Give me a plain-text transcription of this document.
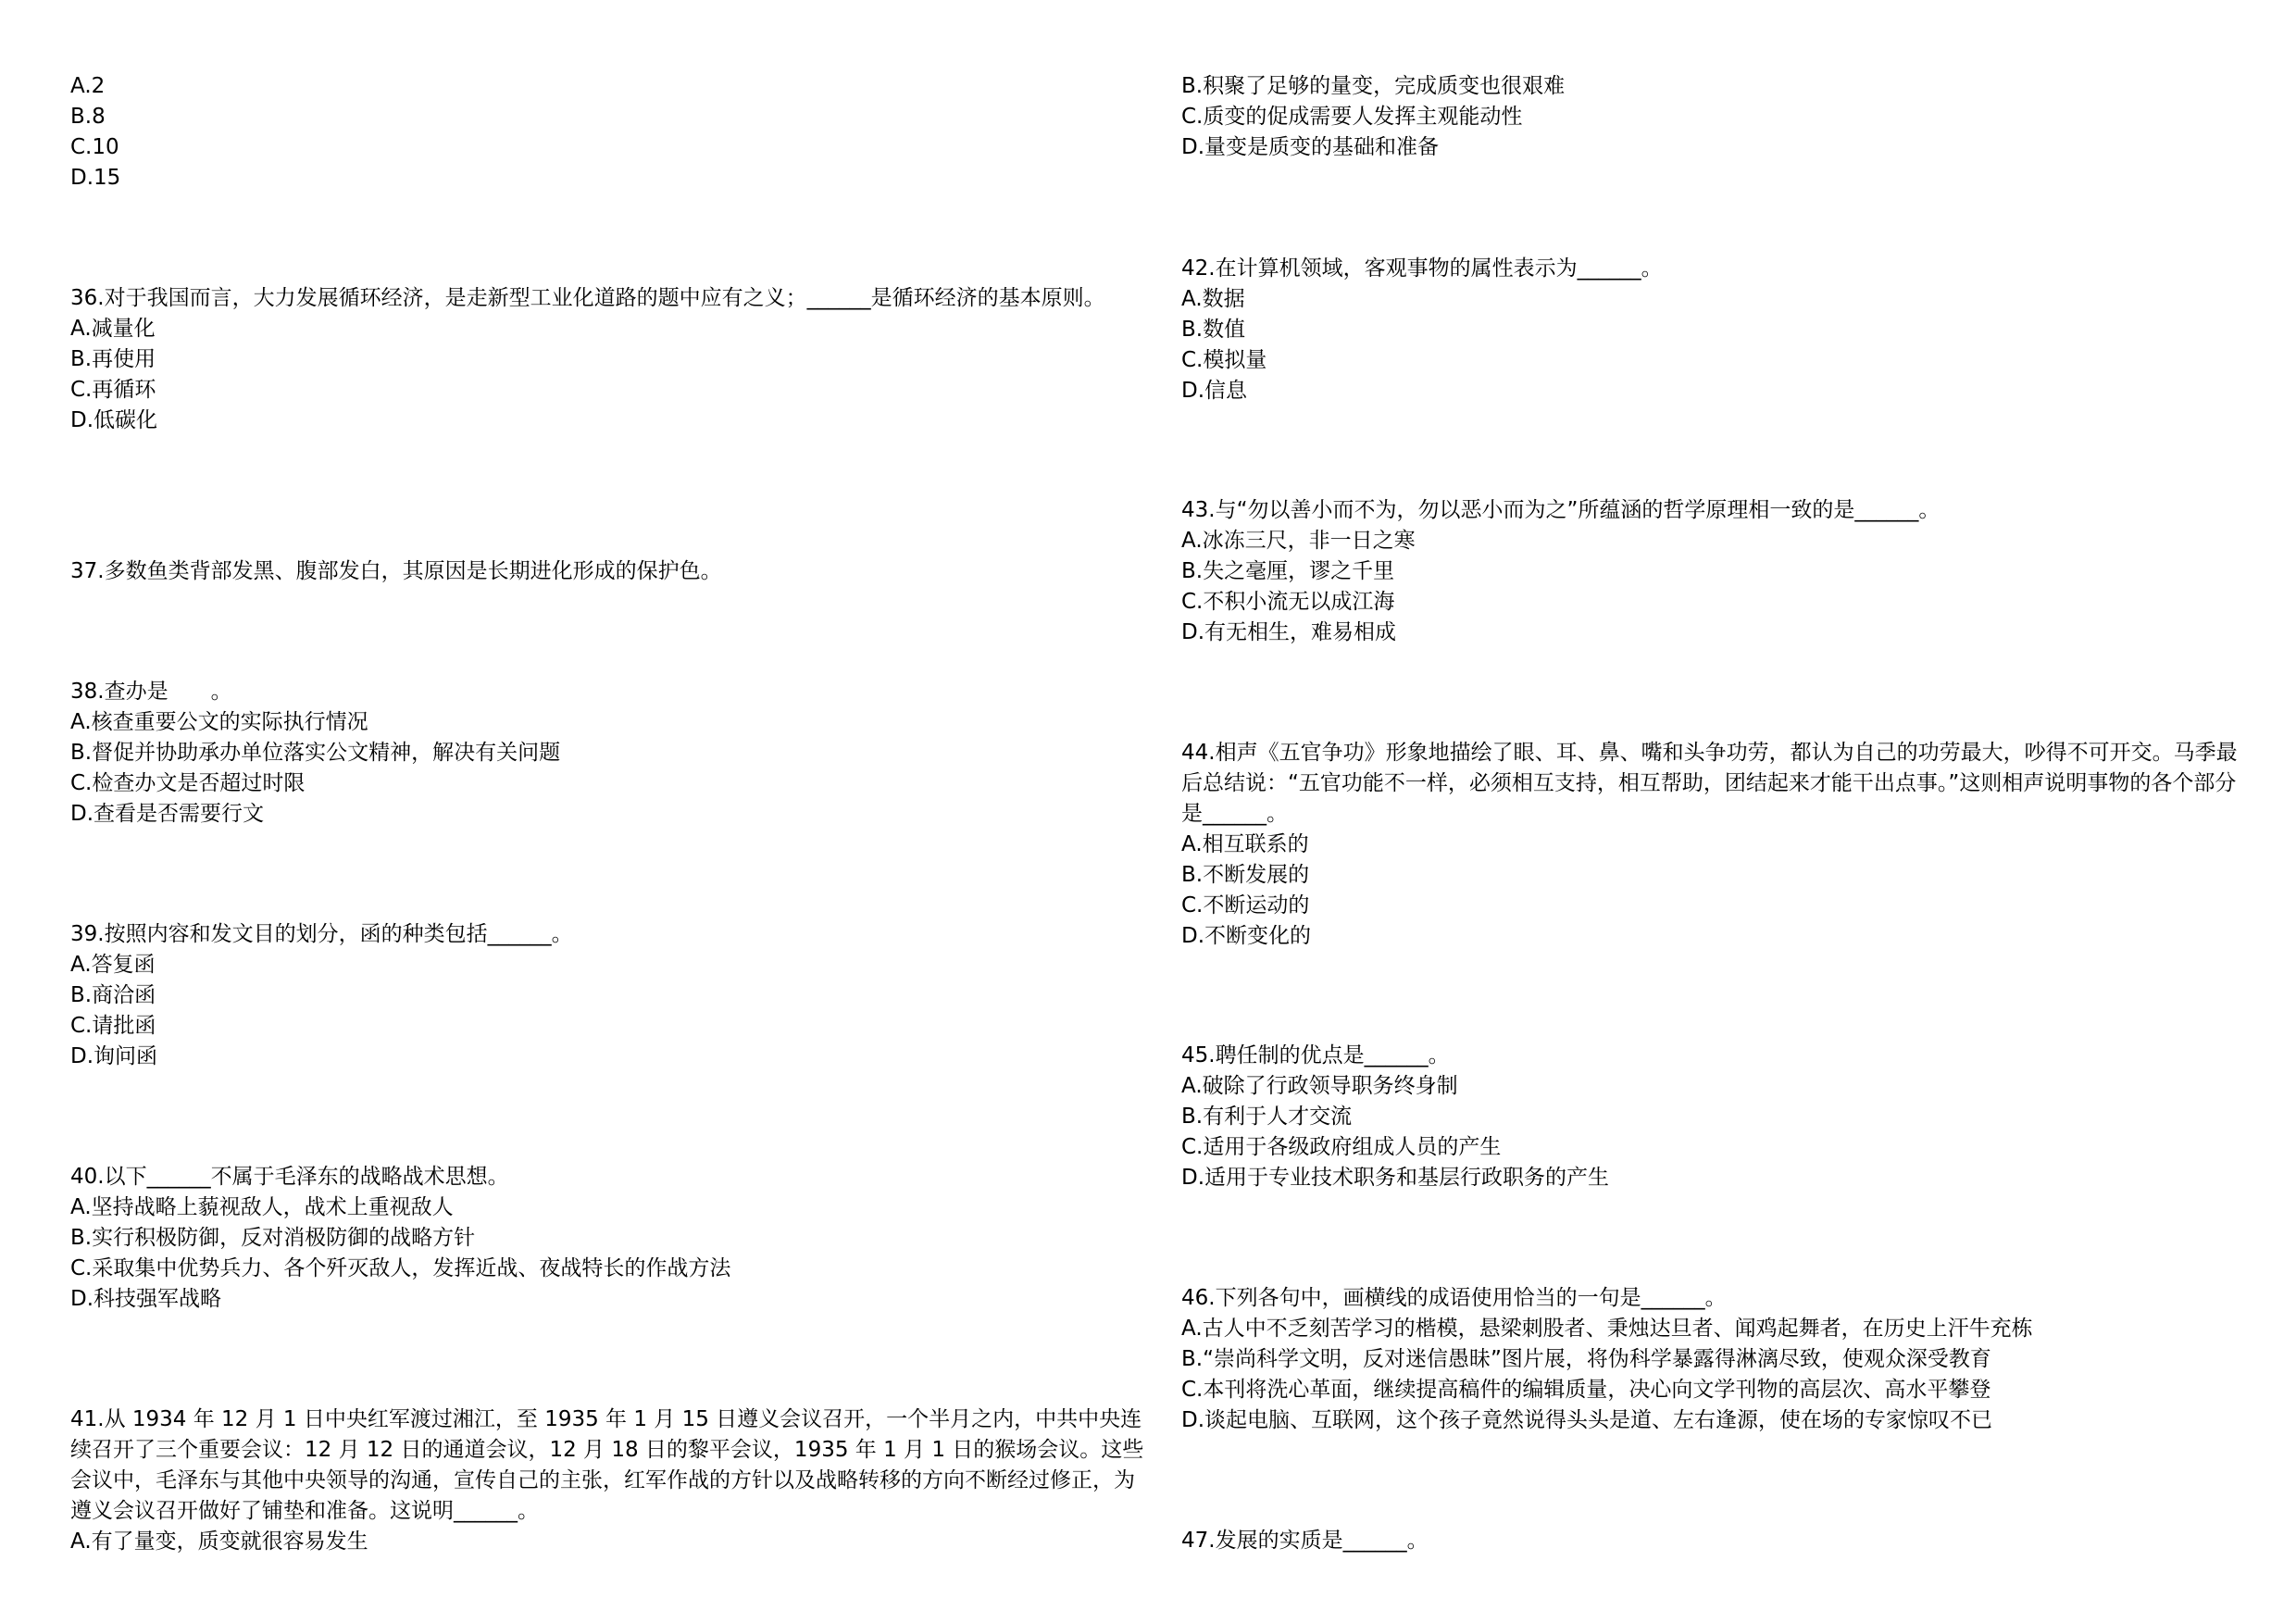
A.2
B.8
C.10
D.15
36.对于我国而言，大力发展循环经济，是走新型工业化道路的题中应有之义；______是循环经济的基本原则。
A.减量化
B.再使用
C.再循环
D.低碳化
37.多数鱼类背部发黑、腹部发白，其原因是长期进化形成的保护色。
38.查办是　　。
A.核查重要公文的实际执行情况
B.督促并协助承办单位落实公文精神，解决有关问题
C.检查办文是否超过时限
D.查看是否需要行文
39.按照内容和发文目的划分，函的种类包括______。
A.答复函
B.商洽函
C.请批函
D.询问函
40.以下______不属于毛泽东的战略战术思想。
A.坚持战略上藐视敌人，战术上重视敌人
B.实行积极防御，反对消极防御的战略方针
C.采取集中优势兵力、各个歼灭敌人，发挥近战、夜战特长的作战方法
D.科技强军战略
41.从 1934 年 12 月 1 日中央红军渡过湘江，至 1935 年 1 月 15 日遵义会议召开，一个半月之内，中共中央连续召开了三个重要会议：12 月 12 日的通道会议，12 月 18 日的黎平会议，1935 年 1 月 1 日的猴场会议。这些会议中，毛泽东与其他中央领导的沟通，宣传自己的主张，红军作战的方针以及战略转移的方向不断经过修正，为遵义会议召开做好了铺垫和准备。这说明______。
A.有了量变，质变就很容易发生
B.积聚了足够的量变，完成质变也很艰难
C.质变的促成需要人发挥主观能动性
D.量变是质变的基础和准备
42.在计算机领域，客观事物的属性表示为______。
A.数据
B.数值
C.模拟量
D.信息
43.与“勿以善小而不为，勿以恶小而为之”所蕴涵的哲学原理相一致的是______。
A.冰冻三尺，非一日之寒
B.失之毫厘，谬之千里
C.不积小流无以成江海
D.有无相生，难易相成
44.相声《五官争功》形象地描绘了眼、耳、鼻、嘴和头争功劳，都认为自己的功劳最大，吵得不可开交。马季最后总结说：“五官功能不一样，必须相互支持，相互帮助，团结起来才能干出点事。”这则相声说明事物的各个部分是______。
A.相互联系的
B.不断发展的
C.不断运动的
D.不断变化的
45.聘任制的优点是______。
A.破除了行政领导职务终身制
B.有利于人才交流
C.适用于各级政府组成人员的产生
D.适用于专业技术职务和基层行政职务的产生
46.下列各句中，画横线的成语使用恰当的一句是______。
A.古人中不乏刻苦学习的楷模，悬梁刺股者、秉烛达旦者、闻鸡起舞者，在历史上汗牛充栋
B.“崇尚科学文明，反对迷信愚昧”图片展，将伪科学暴露得淋漓尽致，使观众深受教育
C.本刊将洗心革面，继续提高稿件的编辑质量，决心向文学刊物的高层次、高水平攀登
D.谈起电脑、互联网，这个孩子竟然说得头头是道、左右逢源，使在场的专家惊叹不已
47.发展的实质是______。
